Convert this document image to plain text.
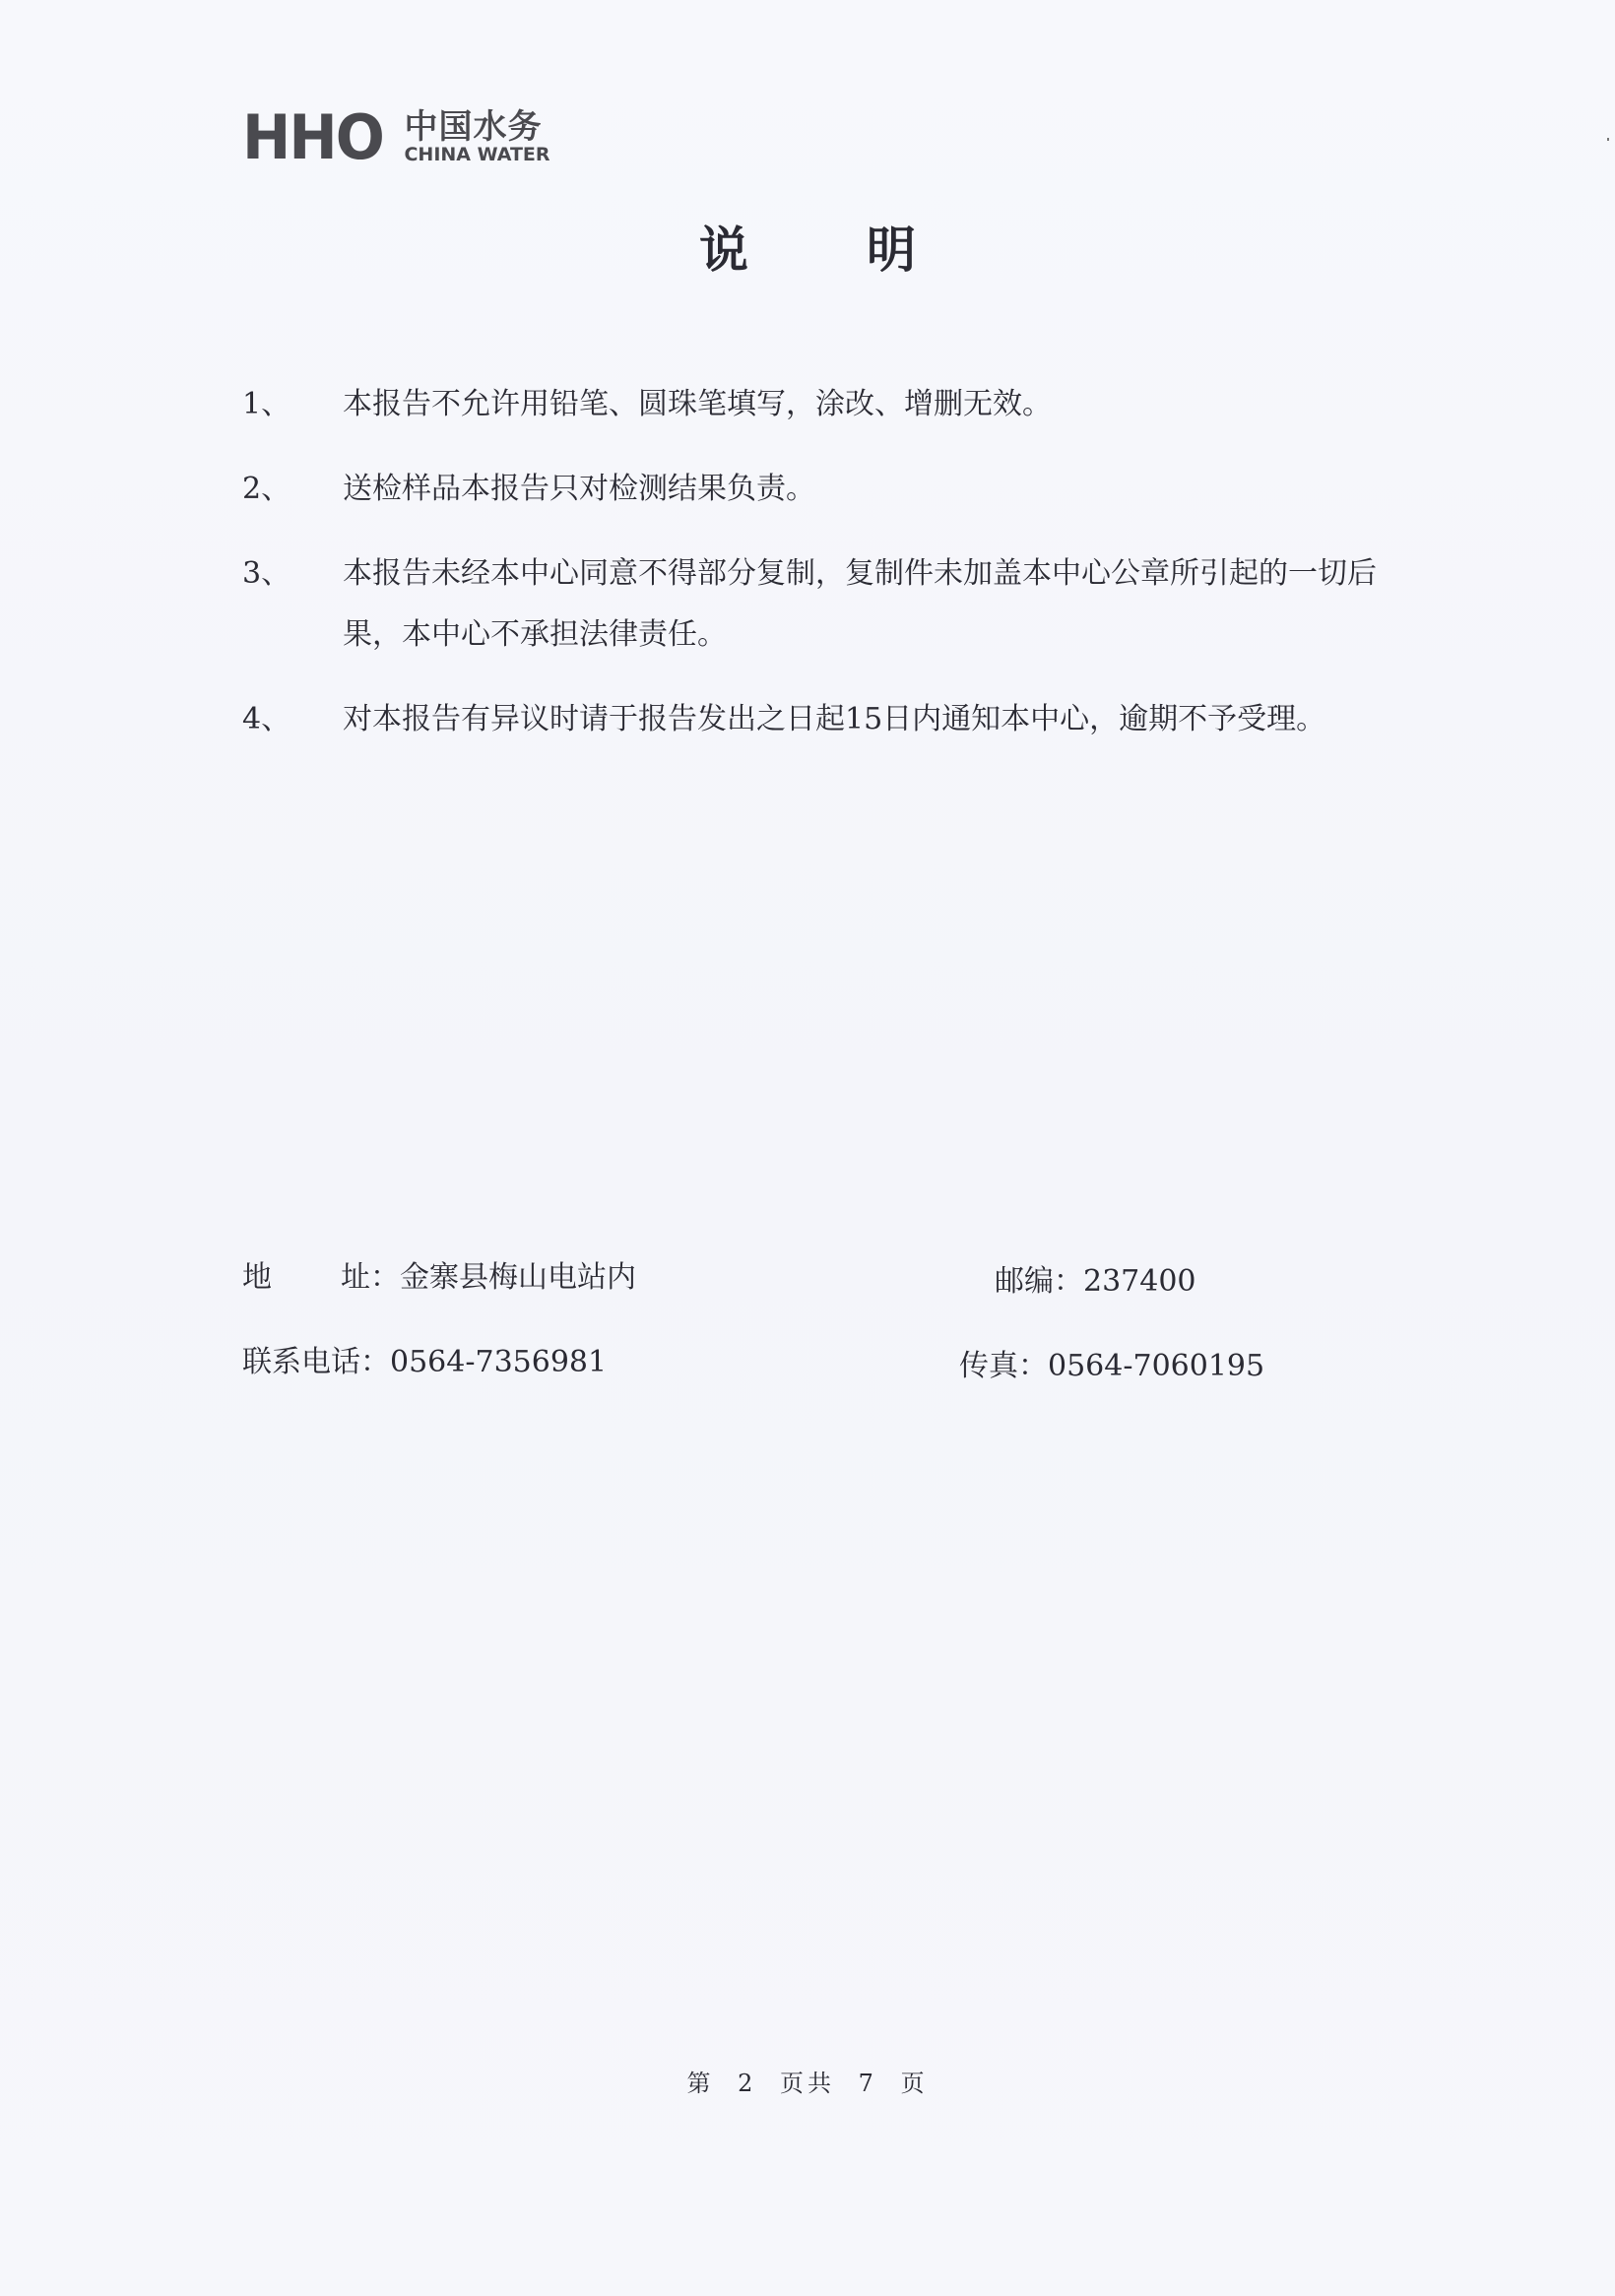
HHO 中国水务
CHINA WATER
说 明
1、	本报告不允许用铅笔、圆珠笔填写，涂改、增删无效。
2、	送检样品本报告只对检测结果负责。
3、	本报告未经本中心同意不得部分复制，复制件未加盖本中心公章所引起的一切后果，本中心不承担法律责任。
4、	对本报告有异议时请于报告发出之日起15日内通知本中心，逾期不予受理。
地 址：金寨县梅山电站内	邮编：237400
联系电话：0564-7356981	传真：0564-7060195
第 2 页共 7 页
